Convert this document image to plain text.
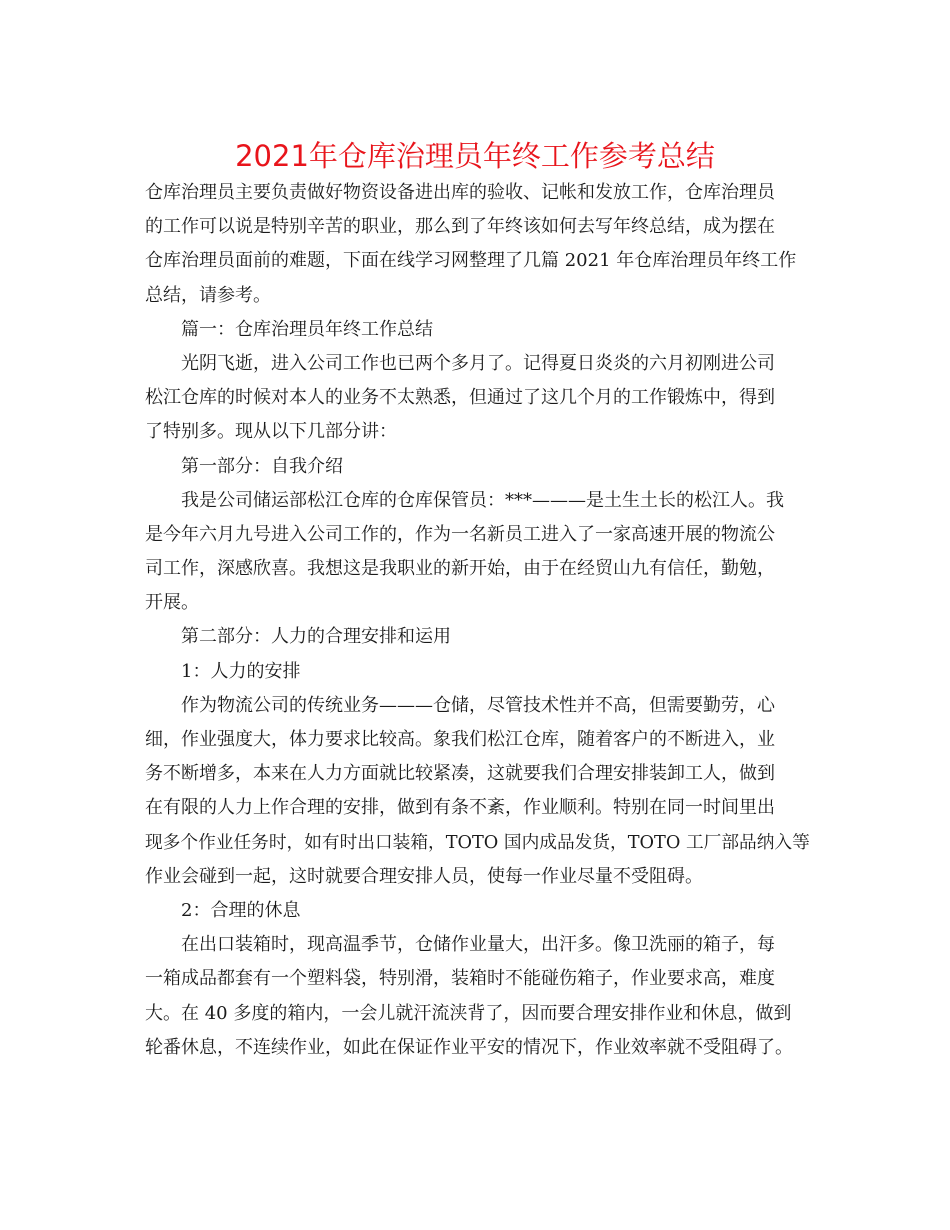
2021年仓库治理员年终工作参考总结
仓库治理员主要负责做好物资设备进出库的验收、记帐和发放工作，仓库治理员
的工作可以说是特别辛苦的职业，那么到了年终该如何去写年终总结，成为摆在
仓库治理员面前的难题，下面在线学习网整理了几篇 2021 年仓库治理员年终工作
总结，请参考。
篇一：仓库治理员年终工作总结
光阴飞逝，进入公司工作也已两个多月了。记得夏日炎炎的六月初刚进公司
松江仓库的时候对本人的业务不太熟悉，但通过了这几个月的工作锻炼中，得到
了特别多。现从以下几部分讲：
第一部分：自我介绍
我是公司储运部松江仓库的仓库保管员：***———是土生土长的松江人。我
是今年六月九号进入公司工作的，作为一名新员工进入了一家高速开展的物流公
司工作，深感欣喜。我想这是我职业的新开始，由于在经贸山九有信任，勤勉，
开展。
第二部分：人力的合理安排和运用
1：人力的安排
作为物流公司的传统业务———仓储，尽管技术性并不高，但需要勤劳，心
细，作业强度大，体力要求比较高。象我们松江仓库，随着客户的不断进入，业
务不断增多，本来在人力方面就比较紧凑，这就要我们合理安排装卸工人，做到
在有限的人力上作合理的安排，做到有条不紊，作业顺利。特别在同一时间里出
现多个作业任务时，如有时出口装箱，TOTO 国内成品发货，TOTO 工厂部品纳入等
作业会碰到一起，这时就要合理安排人员，使每一作业尽量不受阻碍。
2：合理的休息
在出口装箱时，现高温季节，仓储作业量大，出汗多。像卫洗丽的箱子，每
一箱成品都套有一个塑料袋，特别滑，装箱时不能碰伤箱子，作业要求高，难度
大。在 40 多度的箱内，一会儿就汗流浃背了，因而要合理安排作业和休息，做到
轮番休息，不连续作业，如此在保证作业平安的情况下，作业效率就不受阻碍了。
